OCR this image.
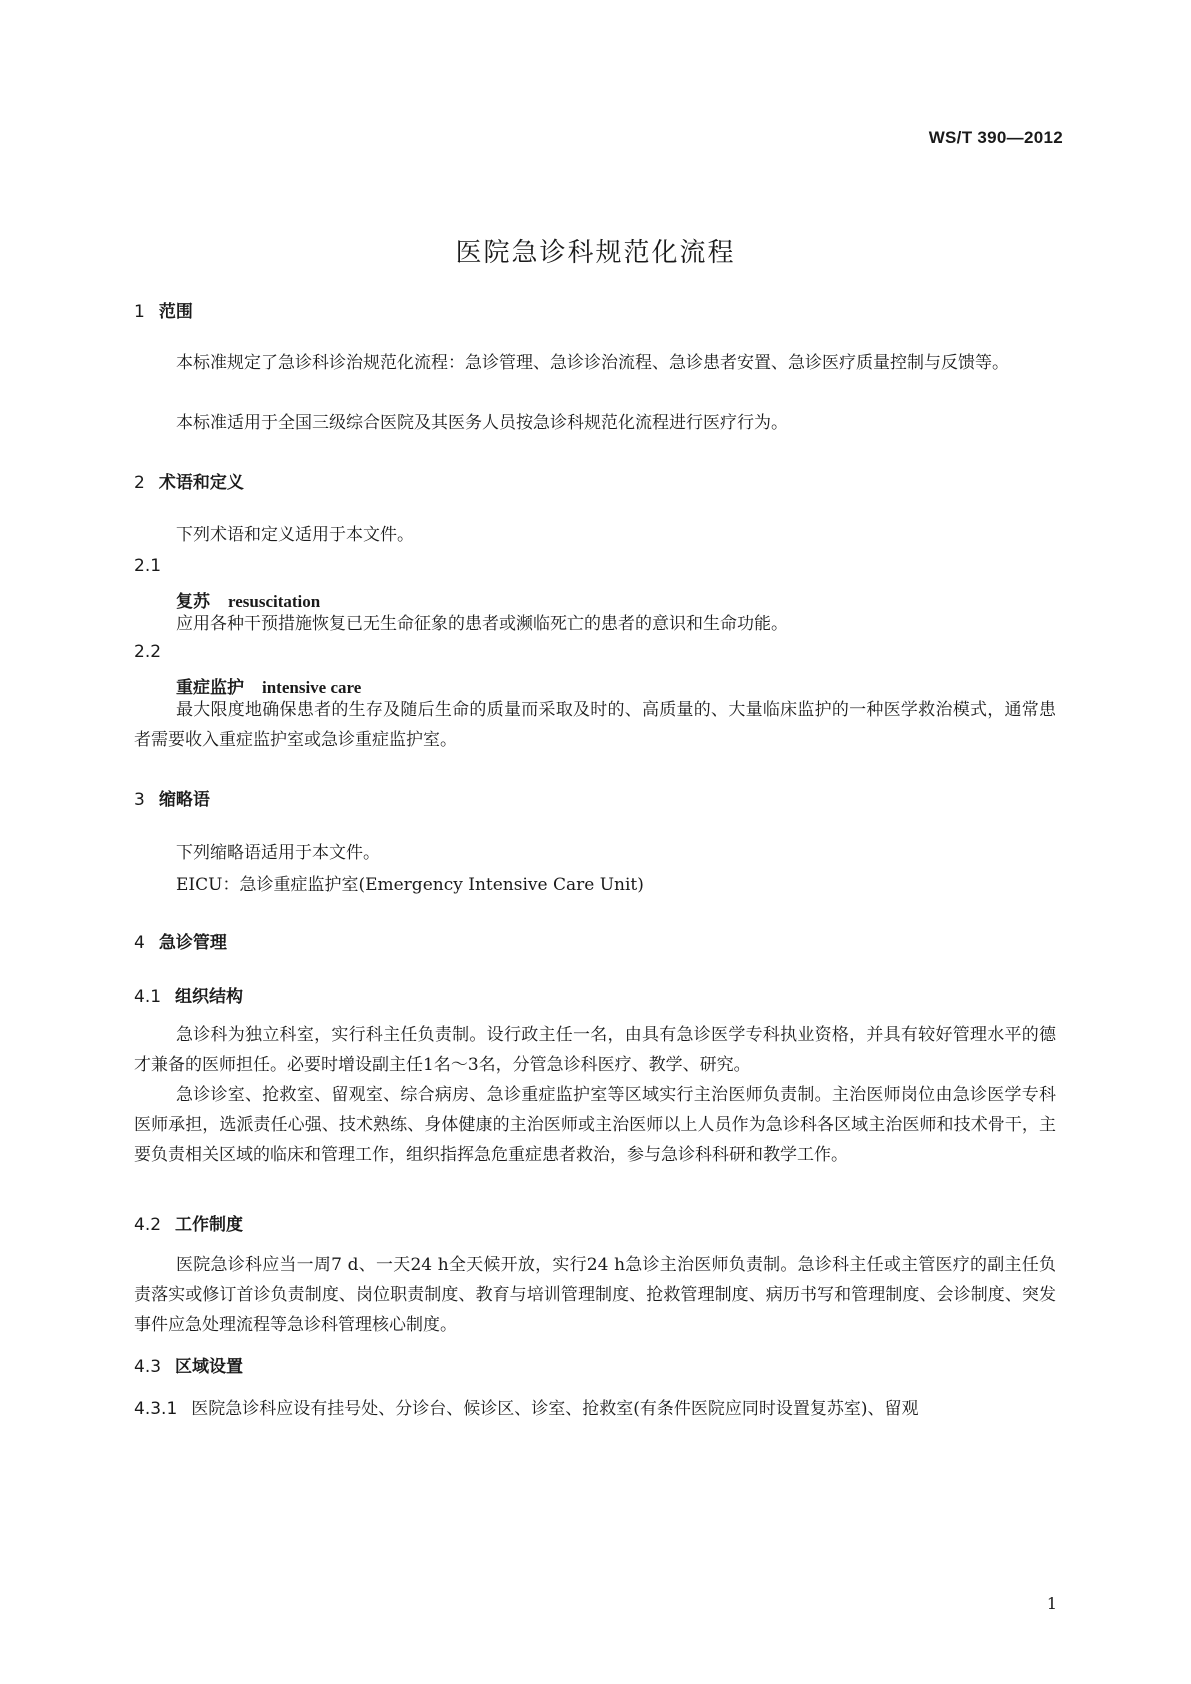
WS/T 390—2012
医院急诊科规范化流程
1 范围
本标准规定了急诊科诊治规范化流程：急诊管理、急诊诊治流程、急诊患者安置、急诊医疗质量控制与反馈等。
本标准适用于全国三级综合医院及其医务人员按急诊科规范化流程进行医疗行为。
2 术语和定义
下列术语和定义适用于本文件。
2.1
复苏 resuscitation
应用各种干预措施恢复已无生命征象的患者或濒临死亡的患者的意识和生命功能。
2.2
重症监护 intensive care
最大限度地确保患者的生存及随后生命的质量而采取及时的、高质量的、大量临床监护的一种医学救治模式，通常患者需要收入重症监护室或急诊重症监护室。
3 缩略语
下列缩略语适用于本文件。
EICU：急诊重症监护室(Emergency Intensive Care Unit)
4 急诊管理
4.1 组织结构
急诊科为独立科室，实行科主任负责制。设行政主任一名，由具有急诊医学专科执业资格，并具有较好管理水平的德才兼备的医师担任。必要时增设副主任1名～3名，分管急诊科医疗、教学、研究。
急诊诊室、抢救室、留观室、综合病房、急诊重症监护室等区域实行主治医师负责制。主治医师岗位由急诊医学专科医师承担，选派责任心强、技术熟练、身体健康的主治医师或主治医师以上人员作为急诊科各区域主治医师和技术骨干，主要负责相关区域的临床和管理工作，组织指挥急危重症患者救治，参与急诊科科研和教学工作。
4.2 工作制度
医院急诊科应当一周7 d、一天24 h全天候开放，实行24 h急诊主治医师负责制。急诊科主任或主管医疗的副主任负责落实或修订首诊负责制度、岗位职责制度、教育与培训管理制度、抢救管理制度、病历书写和管理制度、会诊制度、突发事件应急处理流程等急诊科管理核心制度。
4.3 区域设置
4.3.1 医院急诊科应设有挂号处、分诊台、候诊区、诊室、抢救室(有条件医院应同时设置复苏室)、留观
1
